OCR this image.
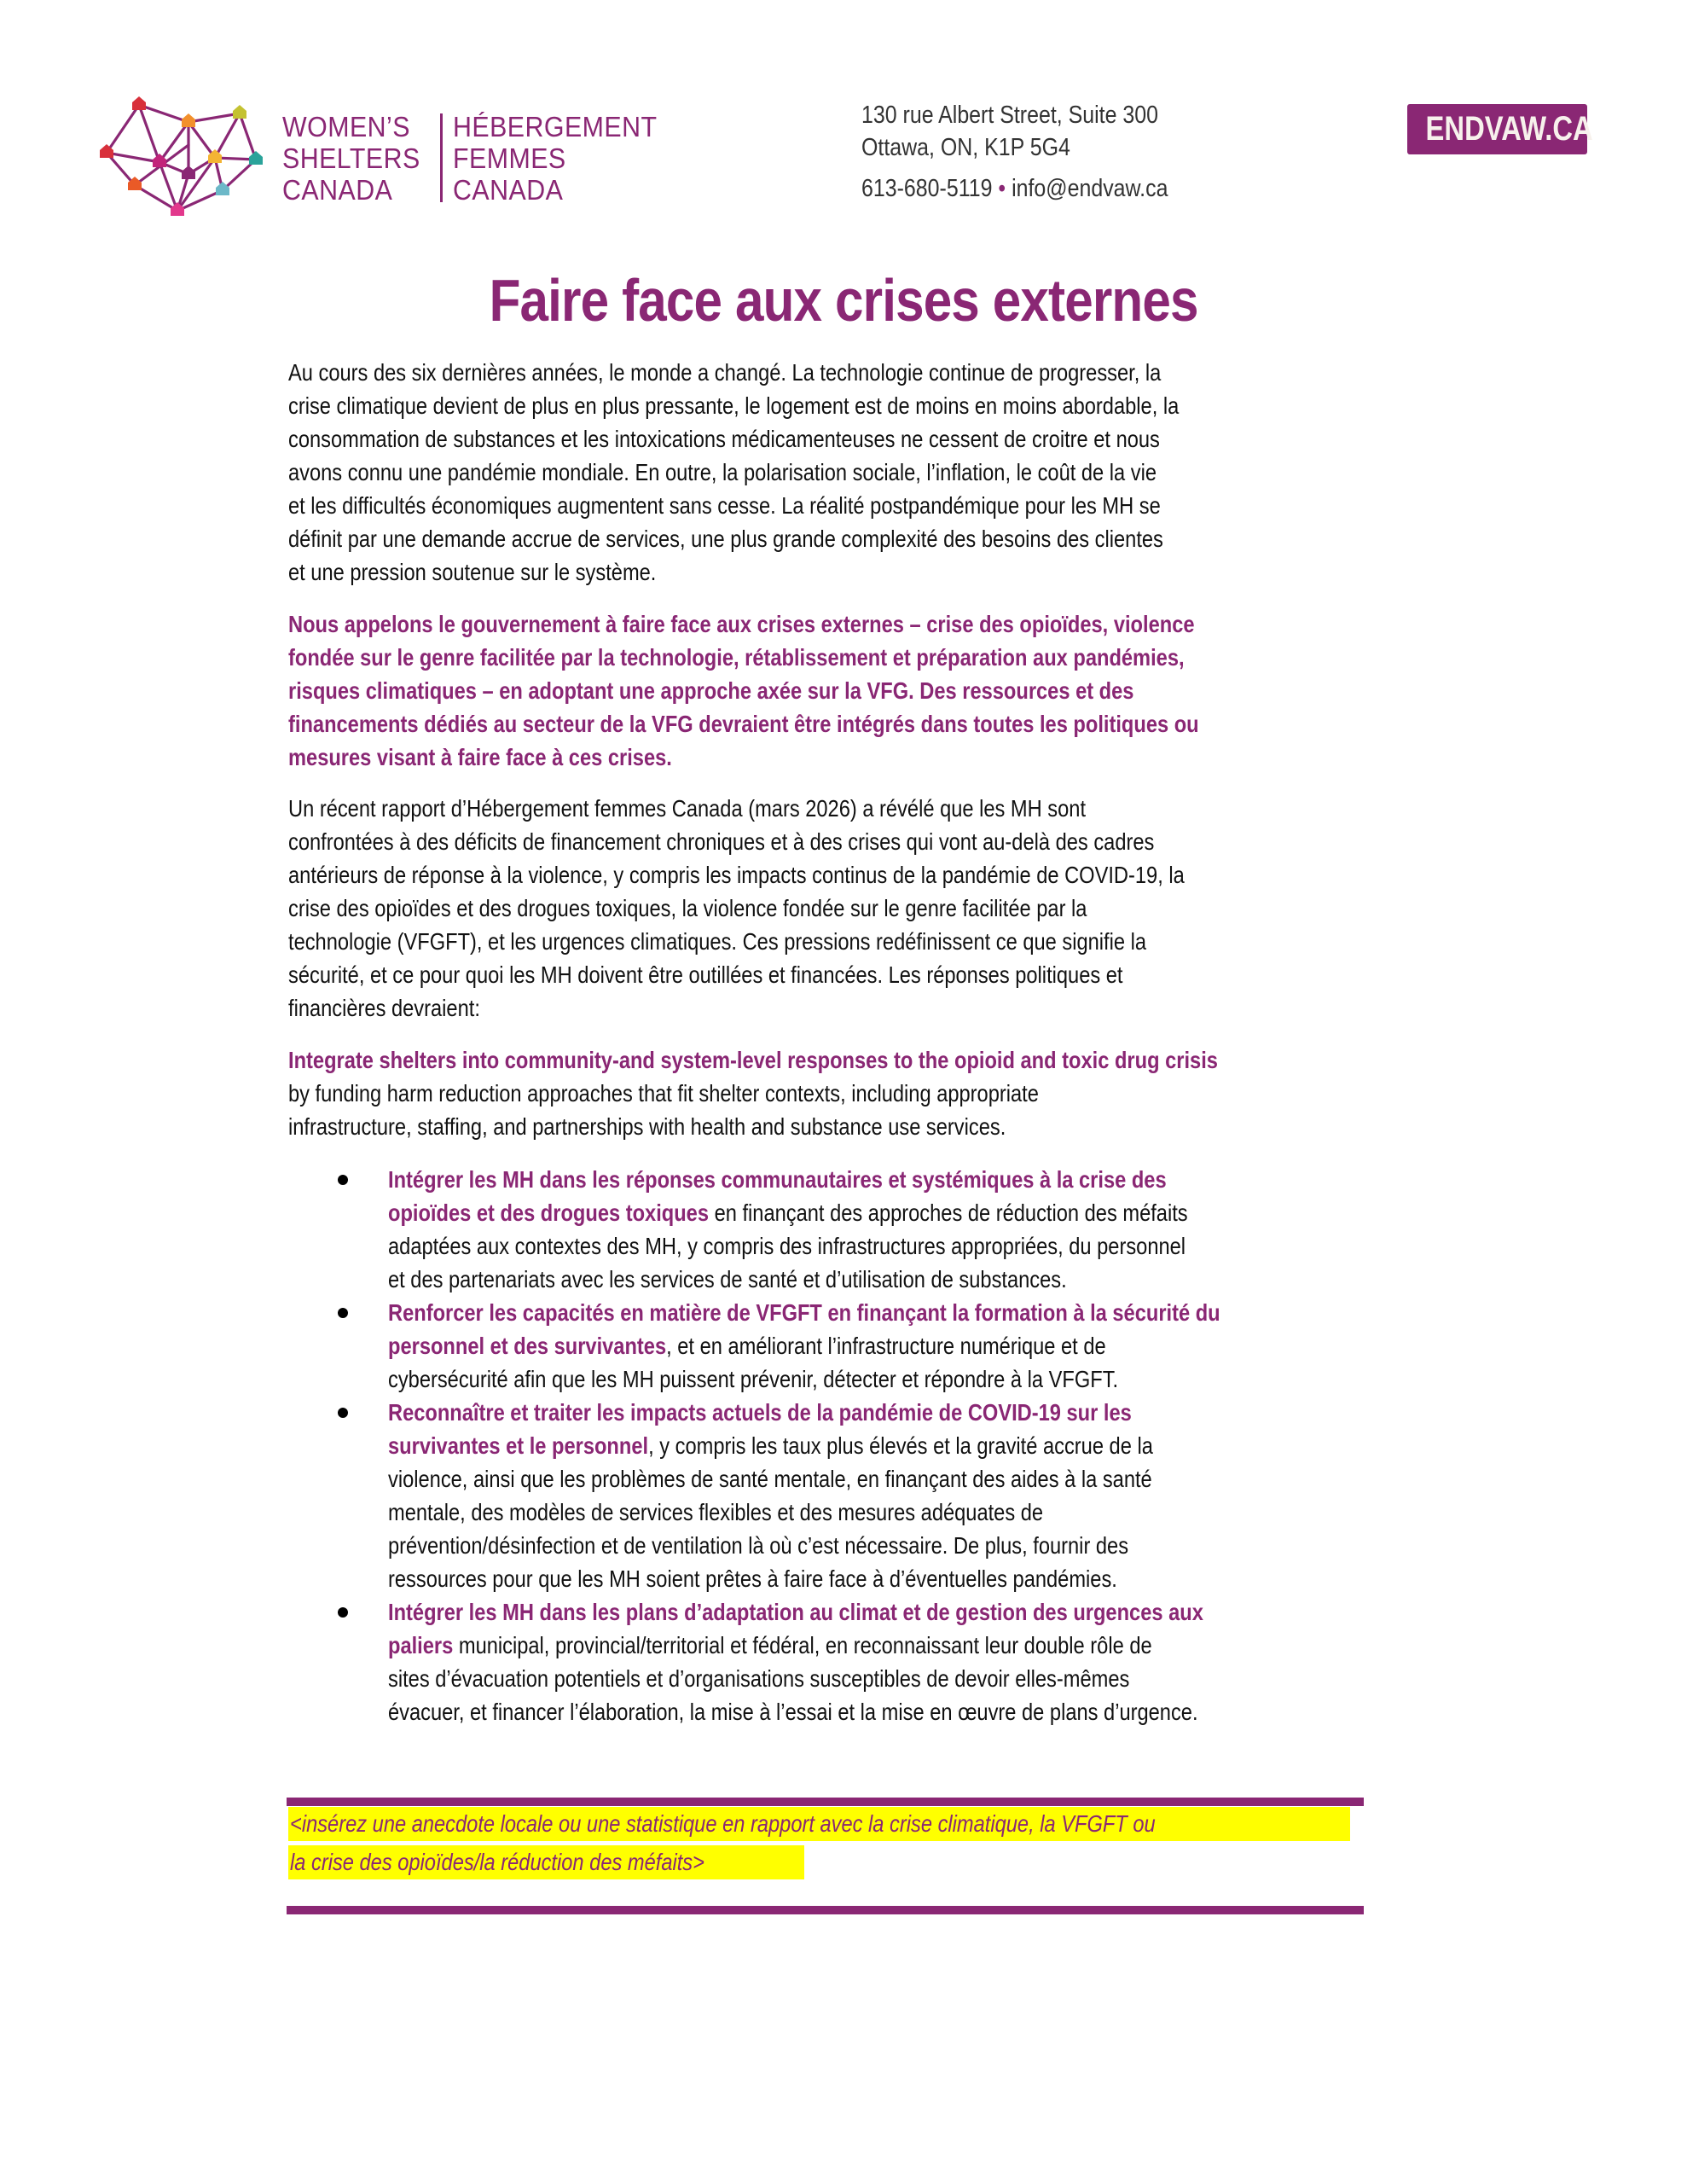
WOMEN’S
SHELTERS
CANADA
HÉBERGEMENT
FEMMES
CANADA
130 rue Albert Street, Suite 300
Ottawa, ON, K1P 5G4
613-680-5119 • info@endvaw.ca
ENDVAW.CA
Faire face aux crises externes
Au cours des six dernières années, le monde a changé. La technologie continue de progresser, la
crise climatique devient de plus en plus pressante, le logement est de moins en moins abordable, la
consommation de substances et les intoxications médicamenteuses ne cessent de croitre et nous
avons connu une pandémie mondiale. En outre, la polarisation sociale, l’inflation, le coût de la vie
et les difficultés économiques augmentent sans cesse. La réalité postpandémique pour les MH se
définit par une demande accrue de services, une plus grande complexité des besoins des clientes
et une pression soutenue sur le système.
Nous appelons le gouvernement à faire face aux crises externes – crise des opioïdes, violence
fondée sur le genre facilitée par la technologie, rétablissement et préparation aux pandémies,
risques climatiques – en adoptant une approche axée sur la VFG. Des ressources et des
financements dédiés au secteur de la VFG devraient être intégrés dans toutes les politiques ou
mesures visant à faire face à ces crises.
Un récent rapport d’Hébergement femmes Canada (mars 2026) a révélé que les MH sont
confrontées à des déficits de financement chroniques et à des crises qui vont au-delà des cadres
antérieurs de réponse à la violence, y compris les impacts continus de la pandémie de COVID-19, la
crise des opioïdes et des drogues toxiques, la violence fondée sur le genre facilitée par la
technologie (VFGFT), et les urgences climatiques. Ces pressions redéfinissent ce que signifie la
sécurité, et ce pour quoi les MH doivent être outillées et financées. Les réponses politiques et
financières devraient:
Integrate shelters into community-and system-level responses to the opioid and toxic drug crisis
by funding harm reduction approaches that fit shelter contexts, including appropriate
infrastructure, staffing, and partnerships with health and substance use services.
Intégrer les MH dans les réponses communautaires et systémiques à la crise des
opioïdes et des drogues toxiques en finançant des approches de réduction des méfaits
adaptées aux contextes des MH, y compris des infrastructures appropriées, du personnel
et des partenariats avec les services de santé et d’utilisation de substances.
Renforcer les capacités en matière de VFGFT en finançant la formation à la sécurité du
personnel et des survivantes, et en améliorant l’infrastructure numérique et de
cybersécurité afin que les MH puissent prévenir, détecter et répondre à la VFGFT.
Reconnaître et traiter les impacts actuels de la pandémie de COVID-19 sur les
survivantes et le personnel, y compris les taux plus élevés et la gravité accrue de la
violence, ainsi que les problèmes de santé mentale, en finançant des aides à la santé
mentale, des modèles de services flexibles et des mesures adéquates de
prévention/désinfection et de ventilation là où c’est nécessaire. De plus, fournir des
ressources pour que les MH soient prêtes à faire face à d’éventuelles pandémies.
Intégrer les MH dans les plans d’adaptation au climat et de gestion des urgences aux
paliers municipal, provincial/territorial et fédéral, en reconnaissant leur double rôle de
sites d’évacuation potentiels et d’organisations susceptibles de devoir elles-mêmes
évacuer, et financer l’élaboration, la mise à l’essai et la mise en œuvre de plans d’urgence.
<insérez une anecdote locale ou une statistique en rapport avec la crise climatique, la VFGFT ou
la crise des opioïdes/la réduction des méfaits>
